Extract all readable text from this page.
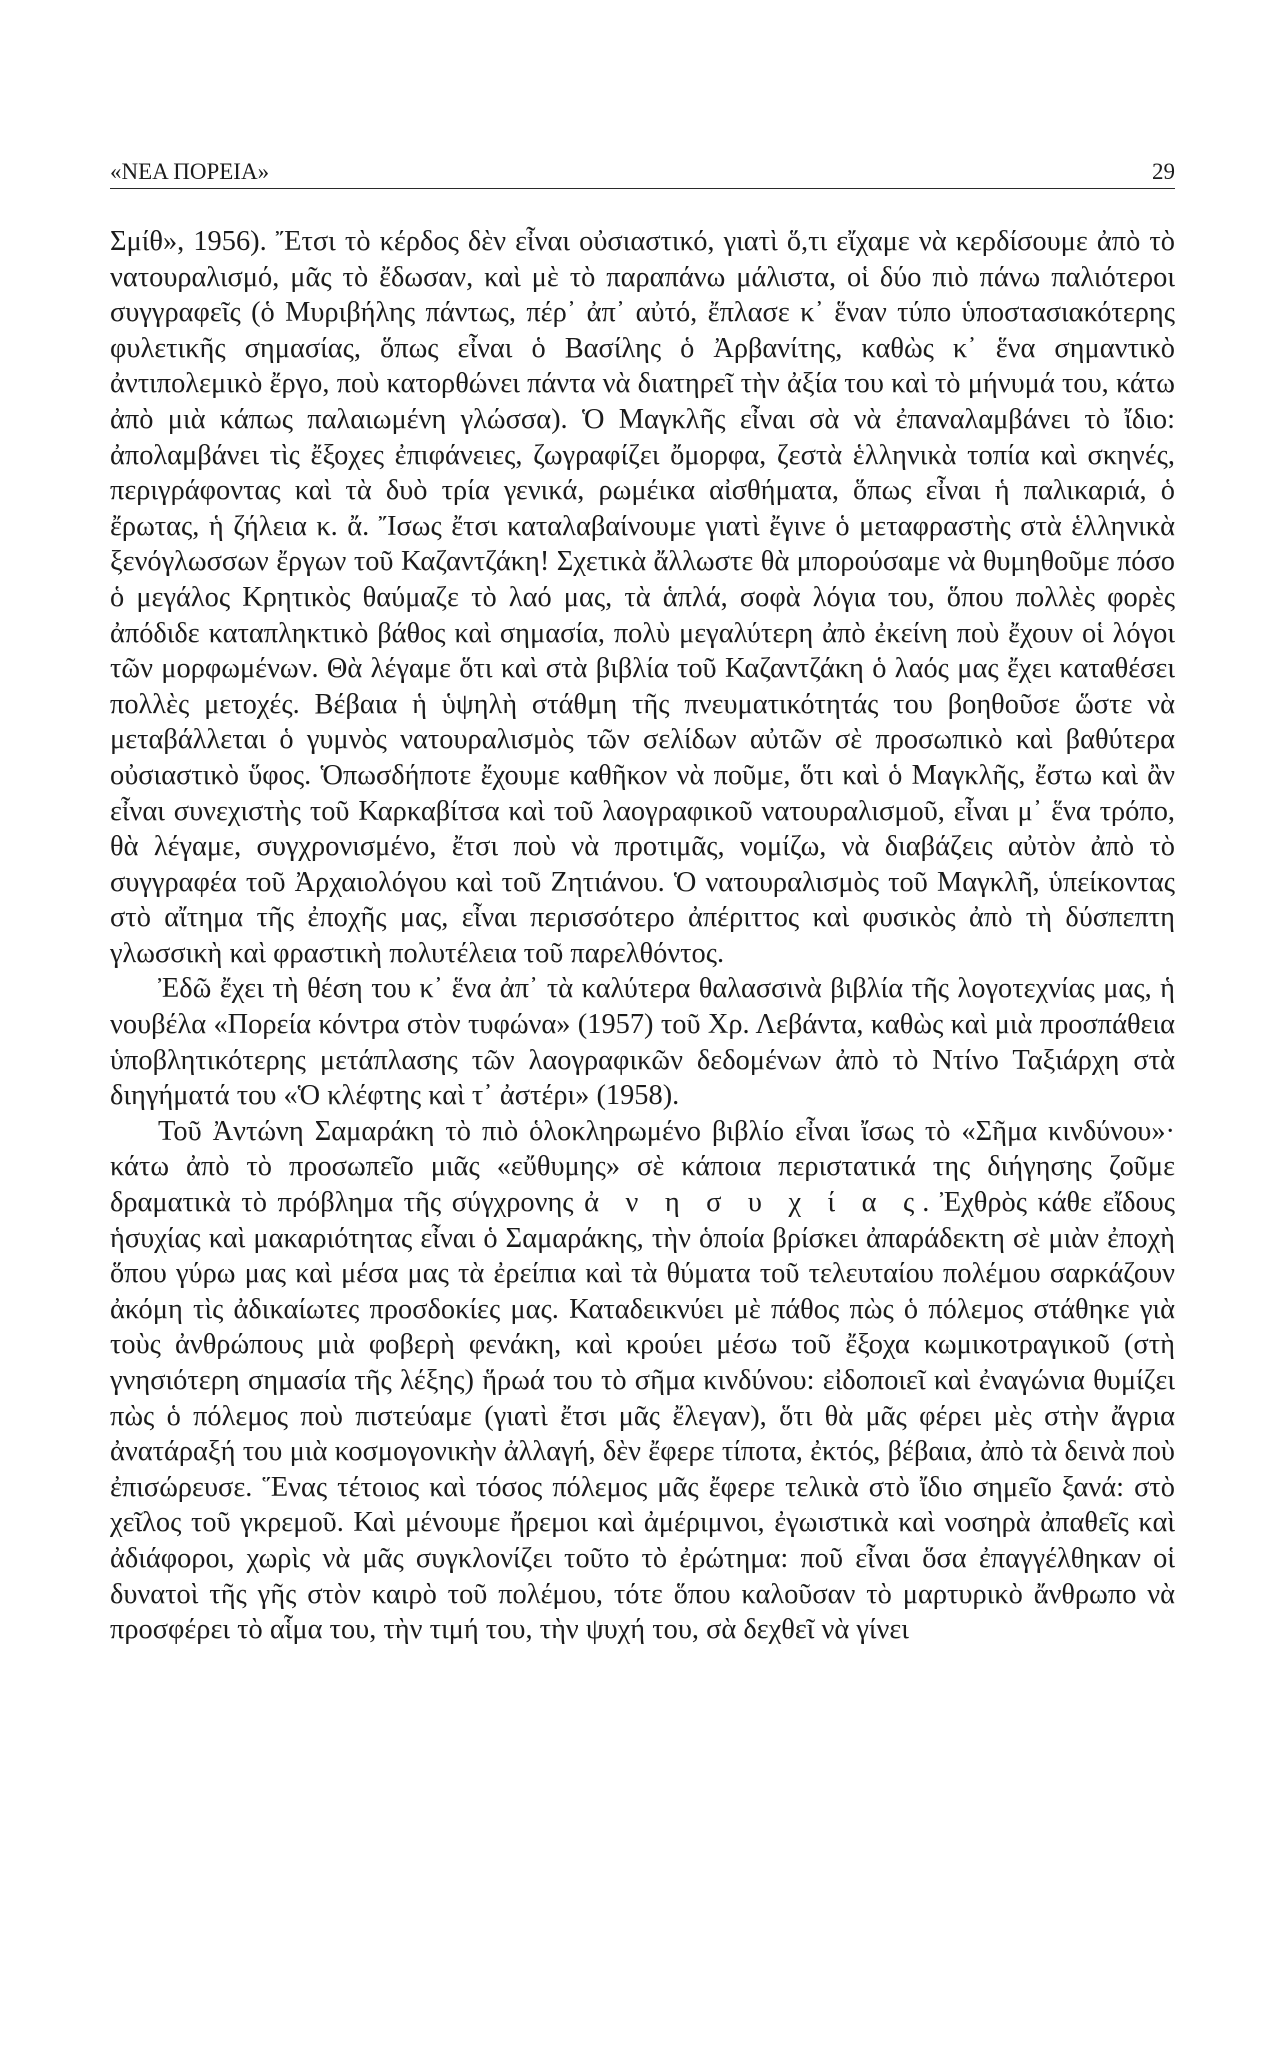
«ΝΕΑ ΠΟΡΕΙΑ»	29

Σμίθ», 1956). Ἔτσι τὸ κέρδος δὲν εἶναι οὐσιαστικό, γιατὶ ὅ,τι εἴχαμε νὰ κερδίσουμε ἀπὸ τὸ νατουραλισμό, μᾶς τὸ ἔδωσαν, καὶ μὲ τὸ παραπάνω μάλιστα, οἱ δύο πιὸ πάνω παλιότεροι συγγραφεῖς (ὁ Μυριβήλης πάντως, πέρ᾽ ἀπ᾽ αὐτό, ἔπλασε κ᾽ ἕναν τύπο ὑποστασιακότερης φυλετικῆς σημασίας, ὅπως εἶναι ὁ Βασίλης ὁ Ἀρβανίτης, καθὼς κ᾽ ἕνα σημαντικὸ ἀντιπολεμικὸ ἔργο, ποὺ κατορθώνει πάντα νὰ διατηρεῖ τὴν ἀξία του καὶ τὸ μήνυμά του, κάτω ἀπὸ μιὰ κάπως παλαιωμένη γλώσσα). Ὁ Μαγκλῆς εἶναι σὰ νὰ ἐπαναλαμβάνει τὸ ἴδιο: ἀπολαμβάνει τὶς ἔξοχες ἐπιφάνειες, ζωγραφίζει ὄμορφα, ζεστὰ ἑλληνικὰ τοπία καὶ σκηνές, περιγράφοντας καὶ τὰ δυὸ τρία γενικά, ρωμέικα αἰσθήματα, ὅπως εἶναι ἡ παλικαριά, ὁ ἔρωτας, ἡ ζήλεια κ. ἄ. Ἴσως ἔτσι καταλαβαίνουμε γιατὶ ἔγινε ὁ μεταφραστὴς στὰ ἑλληνικὰ ξενόγλωσσων ἔργων τοῦ Καζαντζάκη! Σχετικὰ ἄλλωστε θὰ μπορούσαμε νὰ θυμηθοῦμε πόσο ὁ μεγάλος Κρητικὸς θαύμαζε τὸ λαό μας, τὰ ἁπλά, σοφὰ λόγια του, ὅπου πολλὲς φορὲς ἀπόδιδε καταπληκτικὸ βάθος καὶ σημασία, πολὺ μεγαλύτερη ἀπὸ ἐκείνη ποὺ ἔχουν οἱ λόγοι τῶν μορφωμένων. Θὰ λέγαμε ὅτι καὶ στὰ βιβλία τοῦ Καζαντζάκη ὁ λαός μας ἔχει καταθέσει πολλὲς μετοχές. Βέβαια ἡ ὑψηλὴ στάθμη τῆς πνευματικότητάς του βοηθοῦσε ὥστε νὰ μεταβάλλεται ὁ γυμνὸς νατουραλισμὸς τῶν σελίδων αὐτῶν σὲ προσωπικὸ καὶ βαθύτερα οὐσιαστικὸ ὕφος. Ὁπωσδήποτε ἔχουμε καθῆκον νὰ ποῦμε, ὅτι καὶ ὁ Μαγκλῆς, ἔστω καὶ ἂν εἶναι συνεχιστὴς τοῦ Καρκαβίτσα καὶ τοῦ λαογραφικοῦ νατουραλισμοῦ, εἶναι μ᾽ ἕνα τρόπο, θὰ λέγαμε, συγχρονισμένο, ἔτσι ποὺ νὰ προτιμᾶς, νομίζω, νὰ διαβάζεις αὐτὸν ἀπὸ τὸ συγγραφέα τοῦ Ἀρχαιολόγου καὶ τοῦ Ζητιάνου. Ὁ νατουραλισμὸς τοῦ Μαγκλῆ, ὑπείκοντας στὸ αἴτημα τῆς ἐποχῆς μας, εἶναι περισσότερο ἀπέριττος καὶ φυσικὸς ἀπὸ τὴ δύσπεπτη γλωσσικὴ καὶ φραστικὴ πολυτέλεια τοῦ παρελθόντος.

Ἐδῶ ἔχει τὴ θέση του κ᾽ ἕνα ἀπ᾽ τὰ καλύτερα θαλασσινὰ βιβλία τῆς λογοτεχνίας μας, ἡ νουβέλα «Πορεία κόντρα στὸν τυφώνα» (1957) τοῦ Χρ. Λεβάντα, καθὼς καὶ μιὰ προσπάθεια ὑποβλητικότερης μετάπλασης τῶν λαογραφικῶν δεδομένων ἀπὸ τὸ Ντίνο Ταξιάρχη στὰ διηγήματά του «Ὁ κλέφτης καὶ τ᾽ ἀστέρι» (1958).

Τοῦ Ἀντώνη Σαμαράκη τὸ πιὸ ὁλοκληρωμένο βιβλίο εἶναι ἴσως τὸ «Σῆμα κινδύνου»· κάτω ἀπὸ τὸ προσωπεῖο μιᾶς «εὔθυμης» σὲ κάποια περιστατικά της διήγησης ζοῦμε δραματικὰ τὸ πρόβλημα τῆς σύγχρονης ἀ ν η σ υ χ ί α ς. Ἐχθρὸς κάθε εἴδους ἡσυχίας καὶ μακαριότητας εἶναι ὁ Σαμαράκης, τὴν ὁποία βρίσκει ἀπαράδεκτη σὲ μιὰν ἐποχὴ ὅπου γύρω μας καὶ μέσα μας τὰ ἐρείπια καὶ τὰ θύματα τοῦ τελευταίου πολέμου σαρκάζουν ἀκόμη τὶς ἀδικαίωτες προσδοκίες μας. Καταδεικνύει μὲ πάθος πὼς ὁ πόλεμος στάθηκε γιὰ τοὺς ἀνθρώπους μιὰ φοβερὴ φενάκη, καὶ κρούει μέσω τοῦ ἔξοχα κωμικοτραγικοῦ (στὴ γνησιότερη σημασία τῆς λέξης) ἥρωά του τὸ σῆμα κινδύνου: εἰδοποιεῖ καὶ ἐναγώνια θυμίζει πὼς ὁ πόλεμος ποὺ πιστεύαμε (γιατὶ ἔτσι μᾶς ἔλεγαν), ὅτι θὰ μᾶς φέρει μὲς στὴν ἄγρια ἀνατάραξή του μιὰ κοσμογονικὴν ἀλλαγή, δὲν ἔφερε τίποτα, ἐκτός, βέβαια, ἀπὸ τὰ δεινὰ ποὺ ἐπισώρευσε. Ἕνας τέτοιος καὶ τόσος πόλεμος μᾶς ἔφερε τελικὰ στὸ ἴδιο σημεῖο ξανά: στὸ χεῖλος τοῦ γκρεμοῦ. Καὶ μένουμε ἤρεμοι καὶ ἀμέριμνοι, ἐγωιστικὰ καὶ νοσηρὰ ἀπαθεῖς καὶ ἀδιάφοροι, χωρὶς νὰ μᾶς συγκλονίζει τοῦτο τὸ ἐρώτημα: ποῦ εἶναι ὅσα ἐπαγγέλθηκαν οἱ δυνατοὶ τῆς γῆς στὸν καιρὸ τοῦ πολέμου, τότε ὅπου καλοῦσαν τὸ μαρτυρικὸ ἄνθρωπο νὰ προσφέρει τὸ αἷμα του, τὴν τιμή του, τὴν ψυχή του, σὰ δεχθεῖ νὰ γίνει
